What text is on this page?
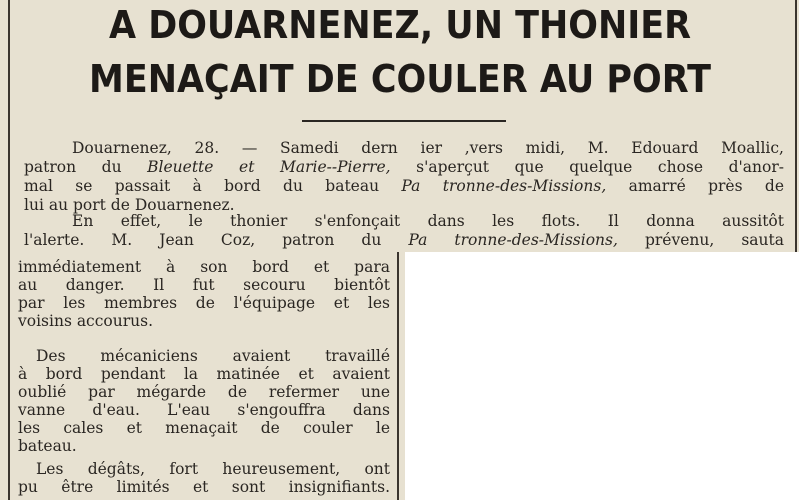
A DOUARNENEZ, UN THONIER
MENAÇAIT DE COULER AU PORT

Douarnenez, 28. — Samedi dern ier ,vers midi, M. Edouard Moallic,

patron du Bleuette et Marie--Pierre, s'aperçut que quelque chose d'anor-

mal se passait à bord du bateau Pa tronne-des-Missions, amarré près de

lui au port de Douarnenez.

En effet, le thonier s'enfonçait dans les flots. Il donna aussitôt

l'alerte. M. Jean Coz, patron du Pa tronne-des-Missions, prévenu, sauta

immédiatement à son bord et para

au danger. Il fut secouru bientôt

par les membres de l'équipage et les

voisins accourus.

Des mécaniciens avaient travaillé

à bord pendant la matinée et avaient

oublié par mégarde de refermer une

vanne d'eau. L'eau s'engouffra dans

les cales et menaçait de couler le

bateau.

Les dégâts, fort heureusement, ont

pu être limités et sont insignifiants.
